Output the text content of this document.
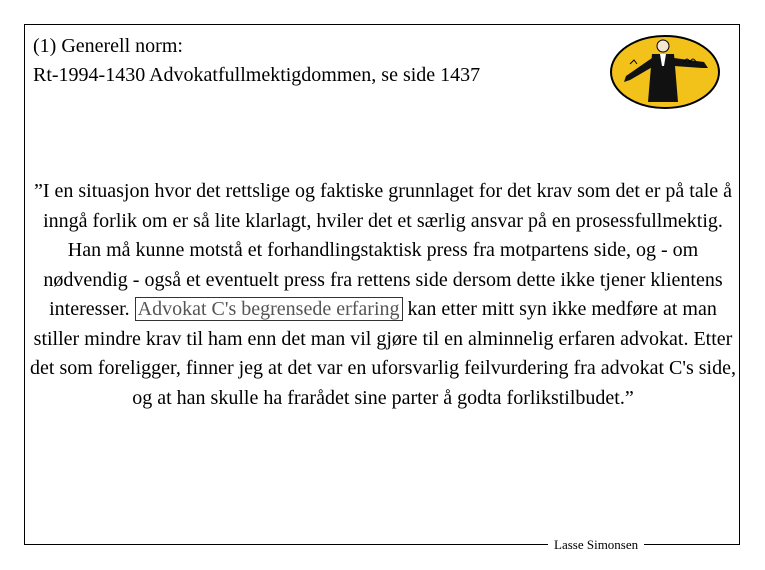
(1) Generell norm:
Rt-1994-1430 Advokatfullmektigdommen, se side 1437
”I en situasjon hvor det rettslige og faktiske grunnlaget for det krav som det er på tale å inngå forlik om er så lite klarlagt, hviler det et særlig ansvar på en prosessfullmektig. Han må kunne motstå et forhandlingstaktisk press fra motpartens side, og - om nødvendig - også et eventuelt press fra rettens side dersom dette ikke tjener klientens interesser. Advokat C's begrensede erfaring kan etter mitt syn ikke medføre at man stiller mindre krav til ham enn det man vil gjøre til en alminnelig erfaren advokat. Etter det som foreligger, finner jeg at det var en uforsvarlig feilvurdering fra advokat C's side, og at han skulle ha frarådet sine parter å godta forlikstilbudet.”
Lasse Simonsen
